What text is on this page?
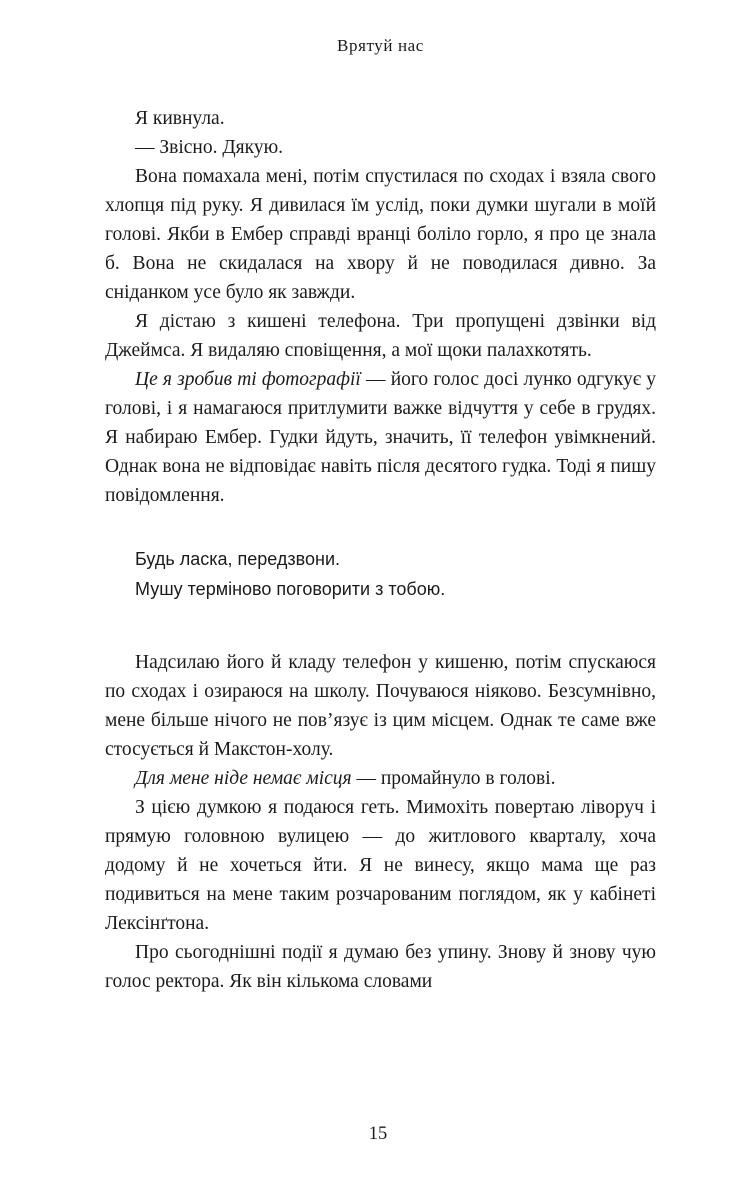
Врятуй нас

Я кивнула.

— Звісно. Дякую.

Вона помахала мені, потім спустилася по сходах і взяла свого хлопця під руку. Я дивилася їм услід, поки думки шугали в моїй голові. Якби в Ембер справді вранці боліло горло, я про це знала б. Вона не скидалася на хвору й не поводилася дивно. За сніданком усе було як завжди.

Я дістаю з кишені телефона. Три пропущені дзвінки від Джеймса. Я видаляю сповіщення, а мої щоки палахкотять.

Це я зробив ті фотографії — його голос досі лунко одгукує у голові, і я намагаюся притлумити важке відчуття у себе в грудях. Я набираю Ембер. Гудки йдуть, значить, її телефон увімкнений. Однак вона не відповідає навіть після десятого гудка. Тоді я пишу повідомлення.

Будь ласка, передзвони.
Мушу терміново поговорити з тобою.

Надсилаю його й кладу телефон у кишеню, потім спускаюся по сходах і озираюся на школу. Почуваюся ніяково. Безсумнівно, мене більше нічого не пов’язує із цим місцем. Однак те саме вже стосується й Макстон-холу.

Для мене ніде немає місця — промайнуло в голові.

З цією думкою я подаюся геть. Мимохіть повертаю ліворуч і прямую головною вулицею — до житлового кварталу, хоча додому й не хочеться йти. Я не винесу, якщо мама ще раз подивиться на мене таким розчарованим поглядом, як у кабінеті Лексінґтона.

Про сьогоднішні події я думаю без упину. Знову й знову чую голос ректора. Як він кількома словами

15
